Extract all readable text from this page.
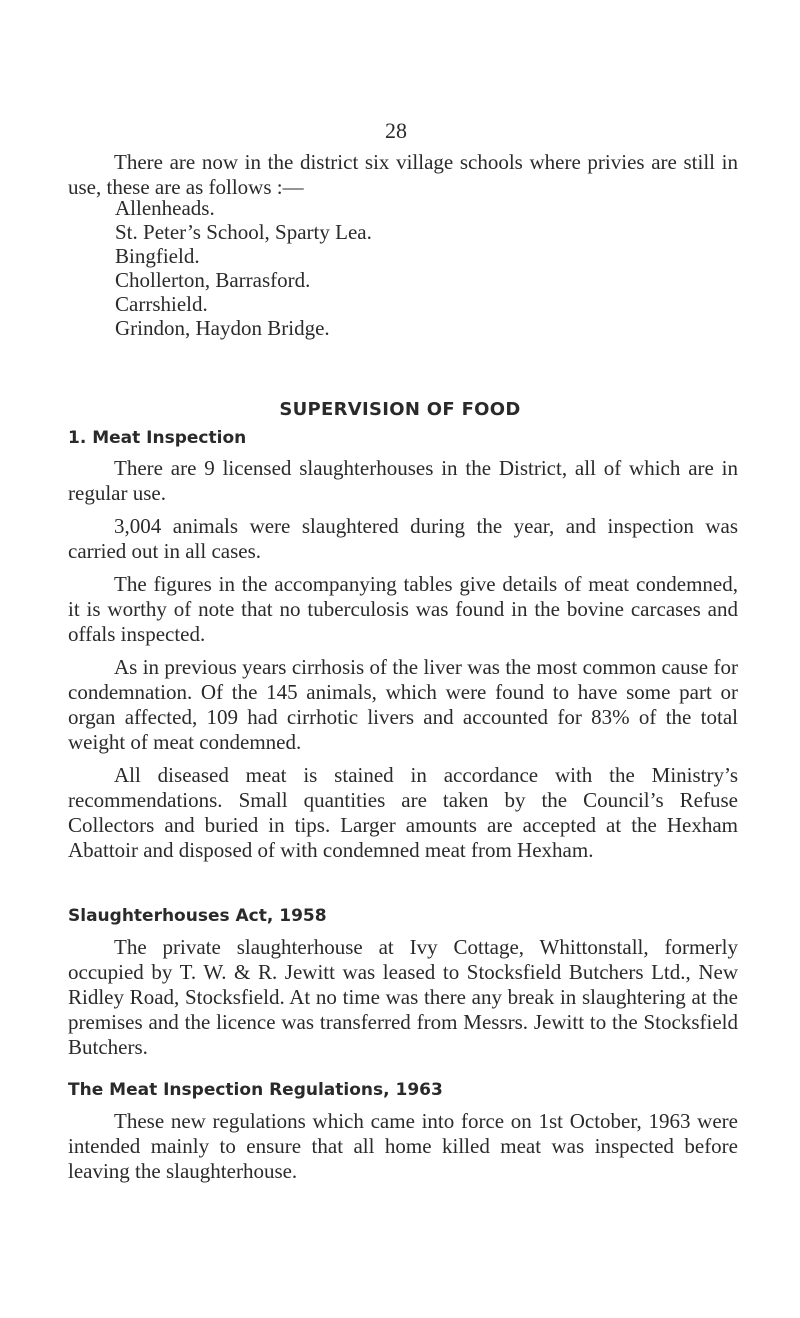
28

There are now in the district six village schools where privies are still in use, these are as follows :—

Allenheads.
St. Peter’s School, Sparty Lea.
Bingfield.
Chollerton, Barrasford.
Carrshield.
Grindon, Haydon Bridge.
SUPERVISION OF FOOD
1. Meat Inspection

There are 9 licensed slaughterhouses in the District, all of which are in regular use.

3,004 animals were slaughtered during the year, and inspection was carried out in all cases.

The figures in the accompanying tables give details of meat condemned, it is worthy of note that no tuberculosis was found in the bovine carcases and offals inspected.

As in previous years cirrhosis of the liver was the most common cause for condemnation. Of the 145 animals, which were found to have some part or organ affected, 109 had cirrhotic livers and accounted for 83% of the total weight of meat condemned.

All diseased meat is stained in accordance with the Ministry’s recommendations. Small quantities are taken by the Council’s Refuse Collectors and buried in tips. Larger amounts are accepted at the Hexham Abattoir and disposed of with condemned meat from Hexham.

Slaughterhouses Act, 1958

The private slaughterhouse at Ivy Cottage, Whittonstall, formerly occupied by T. W. & R. Jewitt was leased to Stocksfield Butchers Ltd., New Ridley Road, Stocksfield. At no time was there any break in slaughtering at the premises and the licence was transferred from Messrs. Jewitt to the Stocksfield Butchers.

The Meat Inspection Regulations, 1963

These new regulations which came into force on 1st October, 1963 were intended mainly to ensure that all home killed meat was inspected before leaving the slaughterhouse.
